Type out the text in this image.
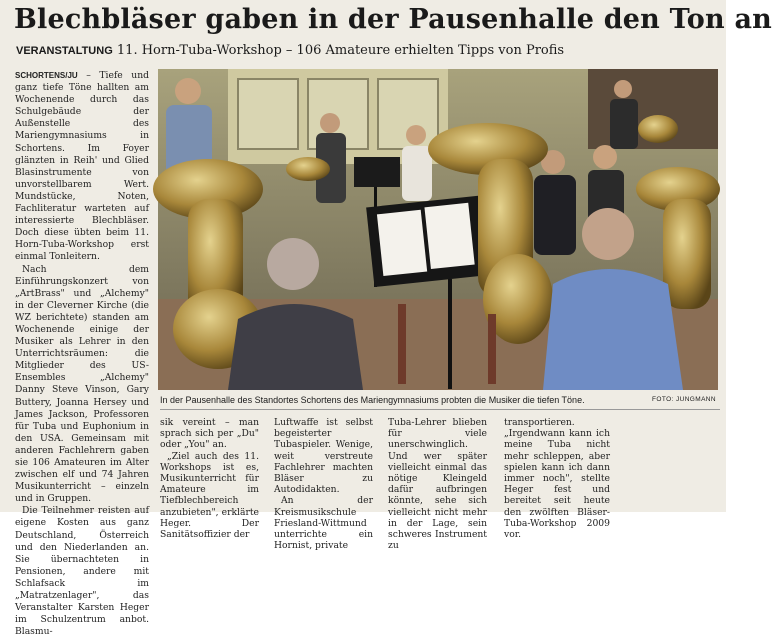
Blechbläser gaben in der Pausenhalle den Ton an
VERANSTALTUNG 11. Horn-Tuba-Workshop – 106 Amateure erhielten Tipps von Profis

SCHORTENS/JU – Tiefe und ganz tiefe Töne hallten am Wochenende durch das Schulgebäude der Außenstelle des Mariengymnasiums in Schortens. Im Foyer glänzten in Reih' und Glied Blasinstrumente von unvorstellbarem Wert. Mundstücke, Noten, Fachliteratur warteten auf interessierte Blechbläser. Doch diese übten beim 11. Horn-Tuba-Workshop erst einmal Tonleitern.

Nach dem Einführungskonzert von „ArtBrass" und „Alchemy" in der Cleverner Kirche (die WZ berichtete) standen am Wochenende einige der Musiker als Lehrer in den Unterrichtsräumen: die Mitglieder des US-Ensembles „Alchemy" Danny Steve Vinson, Gary Buttery, Joanna Hersey und James Jackson, Professoren für Tuba und Euphonium in den USA. Gemeinsam mit anderen Fachlehrern gaben sie 106 Amateuren im Alter zwischen elf und 74 Jahren Musikunterricht – einzeln und in Gruppen.

Die Teilnehmer reisten auf eigene Kosten aus ganz Deutschland, Österreich und den Niederlanden an. Sie übernachteten in Pensionen, andere mit Schlafsack im „Matratzenlager", das Veranstalter Karsten Heger im Schulzentrum anbot. Blasmu-

In der Pausenhalle des Standortes Schortens des Mariengymnasiums probten die Musiker die tiefen Töne.	FOTO: JUNGMANN

sik vereint – man sprach sich per „Du" oder „You" an.

„Ziel auch des 11. Workshops ist es, Musikunterricht für Amateure im Tiefblechbereich anzubieten", erklärte Heger. Der Sanitätsoffizier der

Luftwaffe ist selbst begeisterter Tubaspieler. Wenige, weit verstreute Fachlehrer machten Bläser zu Autodidakten.

An der Kreismusikschule Friesland-Wittmund unterrichte ein Hornist, private

Tuba-Lehrer blieben für viele unerschwinglich. Und wer später vielleicht einmal das nötige Kleingeld dafür aufbringen könnte, sehe sich vielleicht nicht mehr in der Lage, sein schweres Instrument zu

transportieren. „Irgendwann kann ich meine Tuba nicht mehr schleppen, aber spielen kann ich dann immer noch", stellte Heger fest und bereitet seit heute den zwölften Bläser-Tuba-Workshop 2009 vor.
